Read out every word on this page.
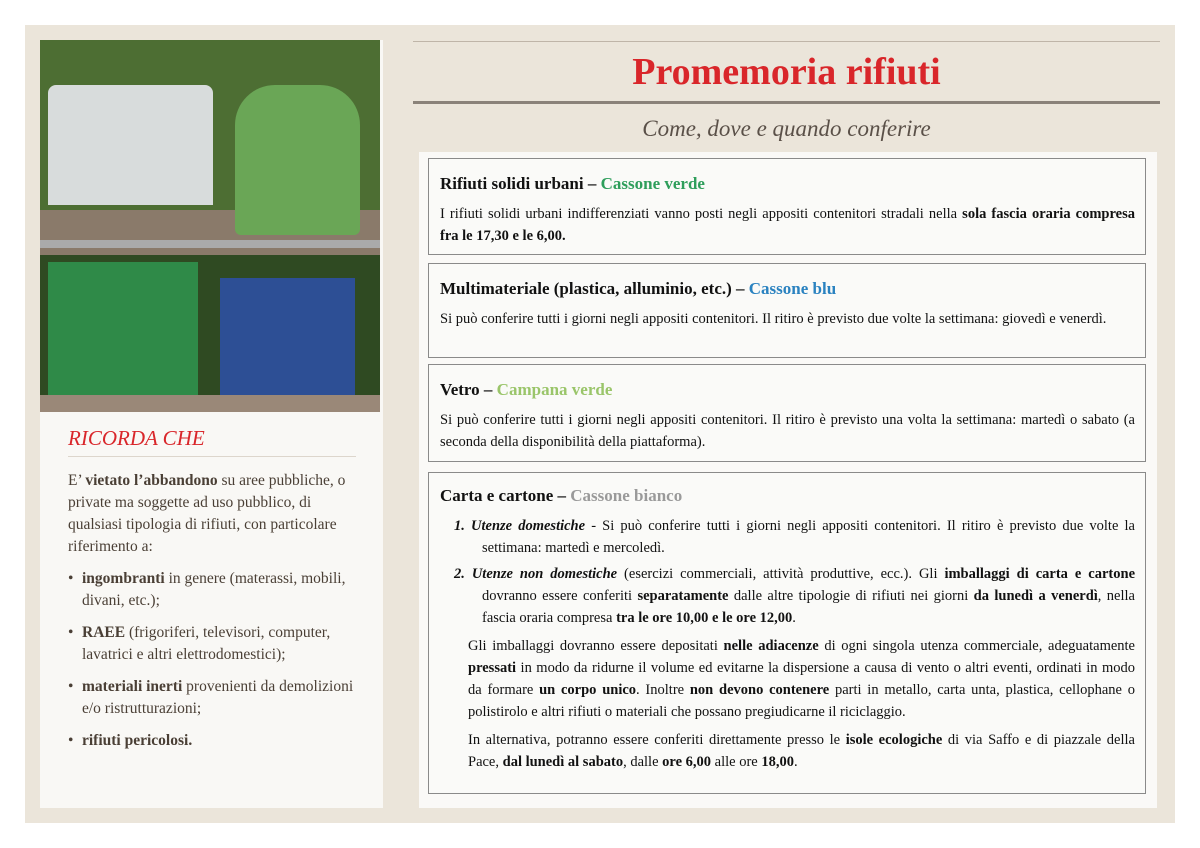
RICORDA CHE

E’ vietato l’abbandono su aree pubbliche, o private ma soggette ad uso pubblico, di qualsiasi tipologia di rifiuti, con particolare riferimento a:

• ingombranti in genere (materassi, mobili, divani, etc.);
• RAEE (frigoriferi, televisori, computer, lavatrici e altri elettrodomestici);
• materiali inerti provenienti da demolizioni e/o ristrutturazioni;
• rifiuti pericolosi.
Promemoria rifiuti
Come, dove e quando conferire
Rifiuti solidi urbani – Cassone verde

I rifiuti solidi urbani indifferenziati vanno posti negli appositi contenitori stradali nella sola fascia oraria compresa fra le 17,30 e le 6,00.

Multimateriale (plastica, alluminio, etc.) – Cassone blu

Si può conferire tutti i giorni negli appositi contenitori. Il ritiro è previsto due volte la settimana: giovedì e venerdì.

Vetro – Campana verde

Si può conferire tutti i giorni negli appositi contenitori. Il ritiro è previsto una volta la settimana: martedì o sabato (a seconda della disponibilità della piattaforma).

Carta e cartone – Cassone bianco
1. Utenze domestiche - Si può conferire tutti i giorni negli appositi contenitori. Il ritiro è previsto due volte la settimana: martedì e mercoledì.
2. Utenze non domestiche (esercizi commerciali, attività produttive, ecc.). Gli imballaggi di carta e cartone dovranno essere conferiti separatamente dalle altre tipologie di rifiuti nei giorni da lunedì a venerdì, nella fascia oraria compresa tra le ore 10,00 e le ore 12,00.

Gli imballaggi dovranno essere depositati nelle adiacenze di ogni singola utenza commerciale, adeguatamente pressati in modo da ridurne il volume ed evitarne la dispersione a causa di vento o altri eventi, ordinati in modo da formare un corpo unico. Inoltre non devono contenere parti in metallo, carta unta, plastica, cellophane o polistirolo e altri rifiuti o materiali che possano pregiudicarne il riciclaggio.

In alternativa, potranno essere conferiti direttamente presso le isole ecologiche di via Saffo e di piazzale della Pace, dal lunedì al sabato, dalle ore 6,00 alle ore 18,00.
